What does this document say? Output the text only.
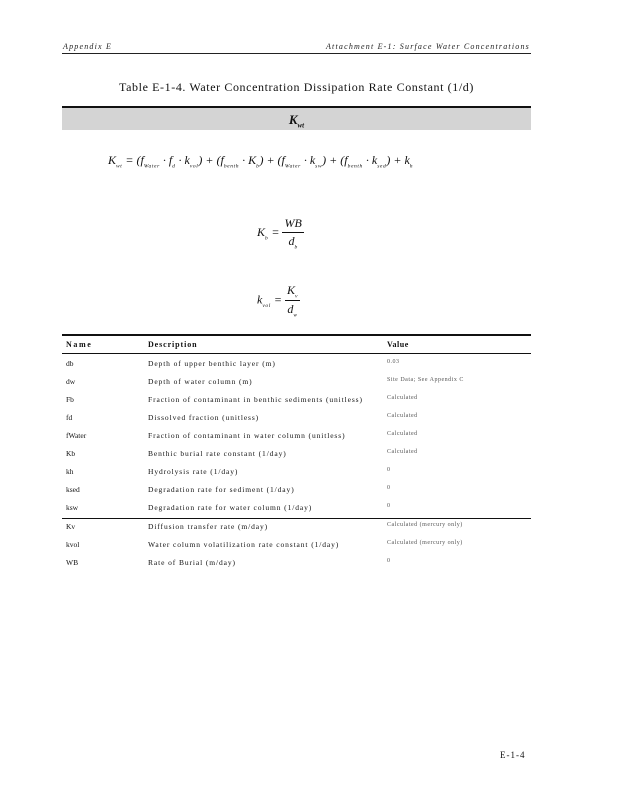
Appendix E	Attachment E-1: Surface Water Concentrations
Table E-1-4. Water Concentration Dissipation Rate Constant (1/d)
$K_{wt}$
$K_{wt} = (f_{Water} \cdot f_d \cdot k_{vol}) + (f_{benth} \cdot K_b) + (f_{Water} \cdot k_{sw}) + (f_{benth} \cdot k_{sed}) + k_h$
$K_b = \frac{WB}{d_b}$
$k_{vol} = \frac{K_v}{d_w}$
Name	Description	Value
db	Depth of upper benthic layer (m)	0.03
dw	Depth of water column (m)	Site Data; See Appendix C
Fb	Fraction of contaminant in benthic sediments (unitless)	Calculated
fd	Dissolved fraction (unitless)	Calculated
fWater	Fraction of contaminant in water column (unitless)	Calculated
Kb	Benthic burial rate constant (1/day)	Calculated
kh	Hydrolysis rate (1/day)	0
ksed	Degradation rate for sediment (1/day)	0
ksw	Degradation rate for water column (1/day)	0
Kv	Diffusion transfer rate (m/day)	Calculated (mercury only)
kvol	Water column volatilization rate constant (1/day)	Calculated (mercury only)
WB	Rate of Burial (m/day)	0
E-1-4
